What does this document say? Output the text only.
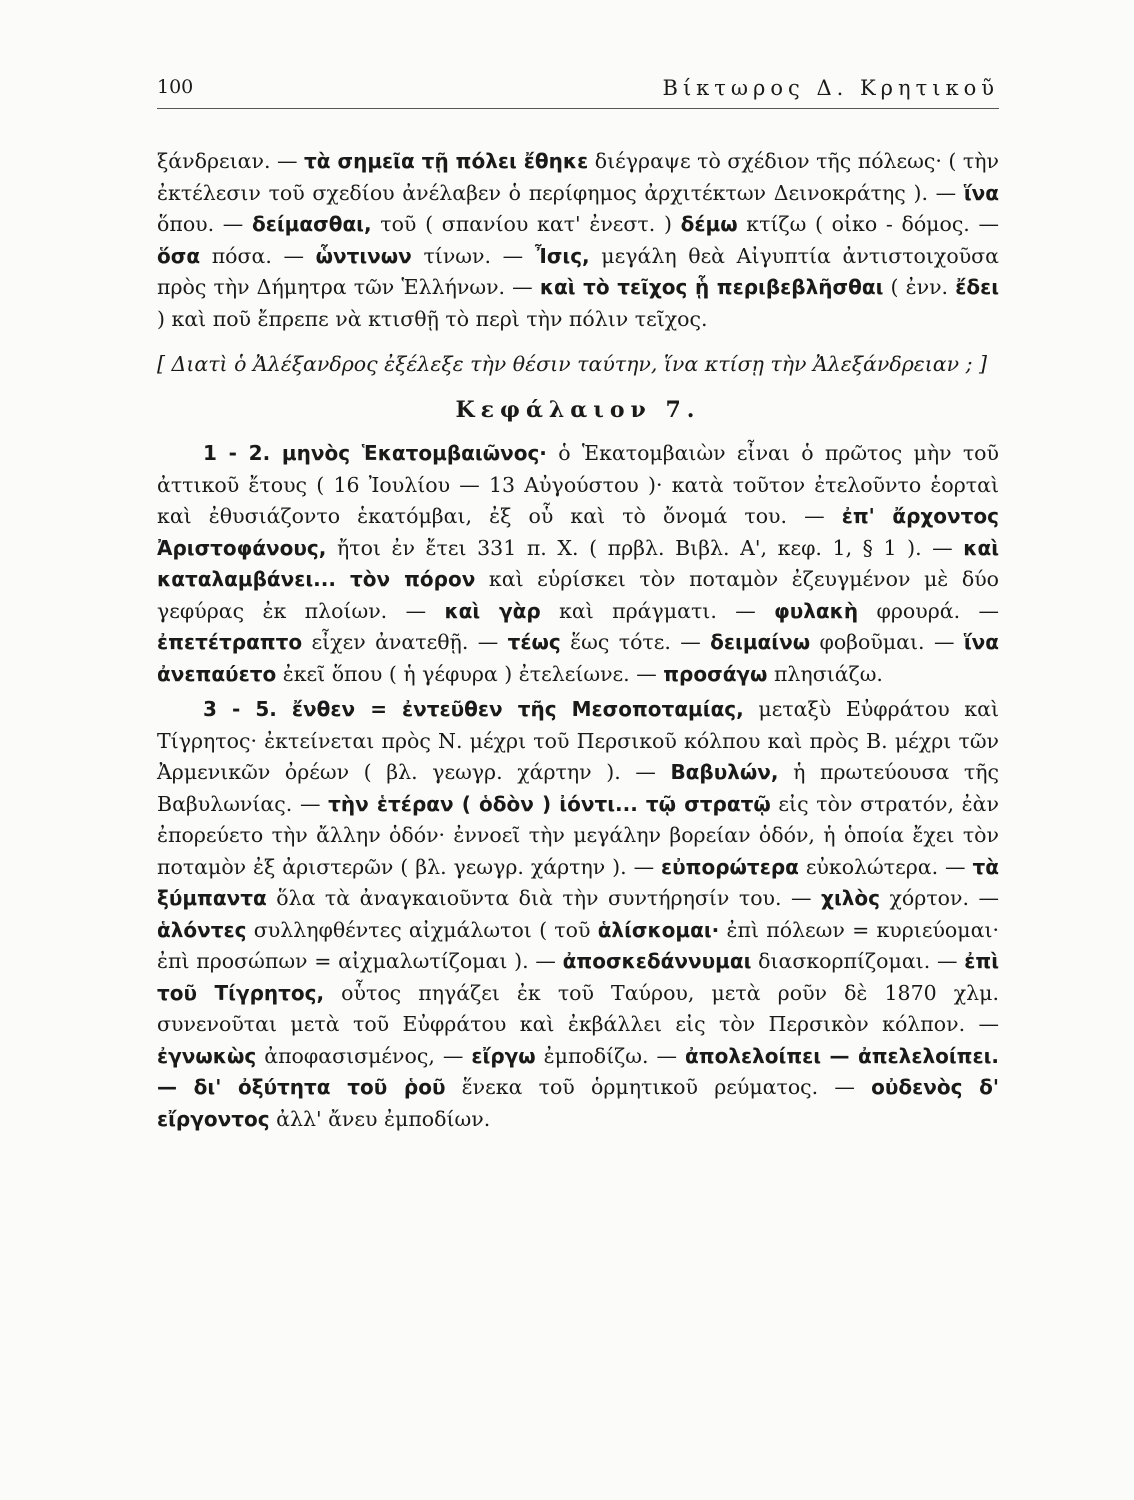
100	Βίκτωρος Δ. Κρητικοῦ

ξάνδρειαν. — τὰ σημεῖα τῇ πόλει ἔθηκε διέγραψε τὸ σχέδιον τῆς πόλεως· ( τὴν ἐκτέλεσιν τοῦ σχεδίου ἀνέλαβεν ὁ περίφημος ἀρχιτέκτων Δεινοκράτης ). — ἵνα ὅπου. — δείμασθαι, τοῦ ( σπανίου κατ' ἐνεστ. ) δέμω κτίζω ( οἰκο - δόμος. — ὅσα πόσα. — ὧντινων τίνων. — Ἶσις, μεγάλη θεὰ Αἰγυπτία ἀντιστοιχοῦσα πρὸς τὴν Δήμητρα τῶν Ἑλλήνων. — καὶ τὸ τεῖχος ᾗ περιβεβλῆσθαι ( ἐνν. ἔδει ) καὶ ποῦ ἔπρεπε νὰ κτισθῇ τὸ περὶ τὴν πόλιν τεῖχος.

[ Διατὶ ὁ Ἀλέξανδρος ἐξέλεξε τὴν θέσιν ταύτην, ἵνα κτίσῃ τὴν Ἀλεξάνδρειαν ; ]

Κεφάλαιον 7.

1 - 2. μηνὸς Ἑκατομβαιῶνος· ὁ Ἑκατομβαιὼν εἶναι ὁ πρῶτος μὴν τοῦ ἀττικοῦ ἔτους ( 16 Ἰουλίου — 13 Αὐγούστου )· κατὰ τοῦτον ἐτελοῦντο ἑορταὶ καὶ ἐθυσιάζοντο ἑκατόμβαι, ἐξ οὗ καὶ τὸ ὄνομά του. — ἐπ' ἄρχοντος Ἀριστοφάνους, ἤτοι ἐν ἔτει 331 π. Χ. ( πρβλ. Βιβλ. Α', κεφ. 1, § 1 ). — καὶ καταλαμβάνει... τὸν πόρον καὶ εὑρίσκει τὸν ποταμὸν ἐζευγμένον μὲ δύο γεφύρας ἐκ πλοίων. — καὶ γὰρ καὶ πράγματι. — φυλακὴ φρουρά. — ἐπετέτραπτο εἶχεν ἀνατεθῇ. — τέως ἕως τότε. — δειμαίνω φοβοῦμαι. — ἵνα ἀνεπαύετο ἐκεῖ ὅπου ( ἡ γέφυρα ) ἐτελείωνε. — προσάγω πλησιάζω.

3 - 5. ἔνθεν = ἐντεῦθεν τῆς Μεσοποταμίας, μεταξὺ Εὐφράτου καὶ Τίγρητος· ἐκτείνεται πρὸς Ν. μέχρι τοῦ Περσικοῦ κόλπου καὶ πρὸς Β. μέχρι τῶν Ἀρμενικῶν ὀρέων ( βλ. γεωγρ. χάρτην ). — Βαβυλών, ἡ πρωτεύουσα τῆς Βαβυλωνίας. — τὴν ἑτέραν ( ὁδὸν ) ἰόντι... τῷ στρατῷ εἰς τὸν στρατόν, ἐὰν ἐπορεύετο τὴν ἄλλην ὁδόν· ἐννοεῖ τὴν μεγάλην βορείαν ὁδόν, ἡ ὁποία ἔχει τὸν ποταμὸν ἐξ ἀριστερῶν ( βλ. γεωγρ. χάρτην ). — εὐπορώτερα εὐκολώτερα. — τὰ ξύμπαντα ὅλα τὰ ἀναγκαιοῦντα διὰ τὴν συντήρησίν του. — χιλὸς χόρτον. — ἁλόντες συλληφθέντες αἰχμάλωτοι ( τοῦ ἁλίσκομαι· ἐπὶ πόλεων = κυριεύομαι· ἐπὶ προσώπων = αἰχμαλωτίζομαι ). — ἀποσκεδάννυμαι διασκορπίζομαι. — ἐπὶ τοῦ Τίγρητος, οὗτος πηγάζει ἐκ τοῦ Ταύρου, μετὰ ροῦν δὲ 1870 χλμ. συνενοῦται μετὰ τοῦ Εὐφράτου καὶ ἐκβάλλει εἰς τὸν Περσικὸν κόλπον. — ἐγνωκὼς ἀποφασισμένος, — εἴργω ἐμποδίζω. — ἀπολελοίπει — ἀπελελοίπει. — δι' ὀξύτητα τοῦ ῥοῦ ἕνεκα τοῦ ὁρμητικοῦ ρεύματος. — οὐδενὸς δ' εἴργοντος ἀλλ' ἄνευ ἐμποδίων.
